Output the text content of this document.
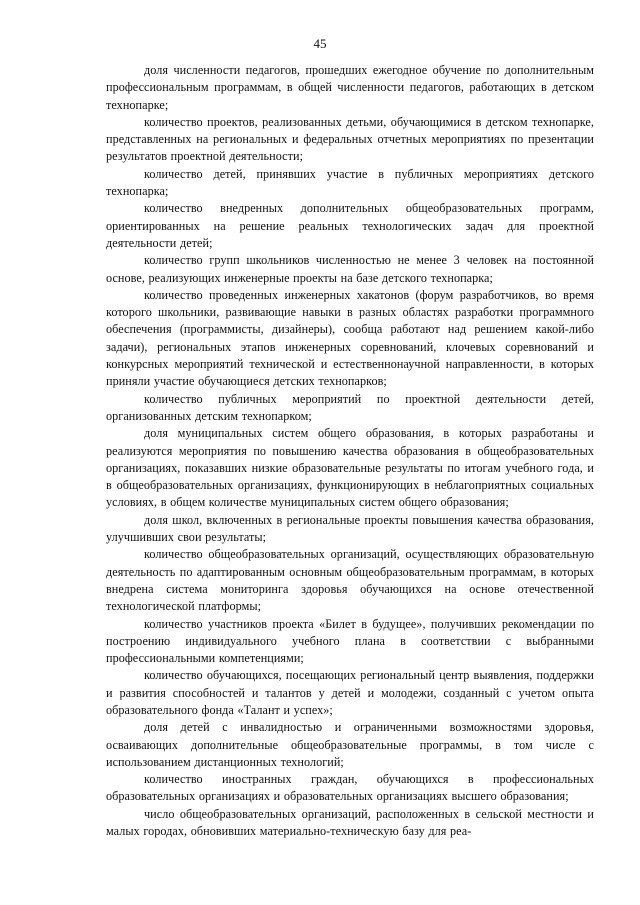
45

доля численности педагогов, прошедших ежегодное обучение по дополнительным профессиональным программам, в общей численности педагогов, работающих в детском технопарке;

количество проектов, реализованных детьми, обучающимися в детском технопарке, представленных на региональных и федеральных отчетных мероприятиях по презентации результатов проектной деятельности;

количество детей, принявших участие в публичных мероприятиях детского технопарка;

количество внедренных дополнительных общеобразовательных программ, ориентированных на решение реальных технологических задач для проектной деятельности детей;

количество групп школьников численностью не менее 3 человек на постоянной основе, реализующих инженерные проекты на базе детского технопарка;

количество проведенных инженерных хакатонов (форум разработчиков, во время которого школьники, развивающие навыки в разных областях разработки программного обеспечения (программисты, дизайнеры), сообща работают над решением какой-либо задачи), региональных этапов инженерных соревнований, клочевых соревнований и конкурсных мероприятий технической и естественнонаучной направленности, в которых приняли участие обучающиеся детских технопарков;

количество публичных мероприятий по проектной деятельности детей, организованных детским технопарком;

доля муниципальных систем общего образования, в которых разработаны и реализуются мероприятия по повышению качества образования в общеобразовательных организациях, показавших низкие образовательные результаты по итогам учебного года, и в общеобразовательных организациях, функционирующих в неблагоприятных социальных условиях, в общем количестве муниципальных систем общего образования;

доля школ, включенных в региональные проекты повышения качества образования, улучшивших свои результаты;

количество общеобразовательных организаций, осуществляющих образовательную деятельность по адаптированным основным общеобразовательным программам, в которых внедрена система мониторинга здоровья обучающихся на основе отечественной технологической платформы;

количество участников проекта «Билет в будущее», получивших рекомендации по построению индивидуального учебного плана в соответствии с выбранными профессиональными компетенциями;

количество обучающихся, посещающих региональный центр выявления, поддержки и развития способностей и талантов у детей и молодежи, созданный с учетом опыта образовательного фонда «Талант и успех»;

доля детей с инвалидностью и ограниченными возможностями здоровья, осваивающих дополнительные общеобразовательные программы, в том числе с использованием дистанционных технологий;

количество иностранных граждан, обучающихся в профессиональных образовательных организациях и образовательных организациях высшего образования;

число общеобразовательных организаций, расположенных в сельской местности и малых городах, обновивших материально-техническую базу для реа-
